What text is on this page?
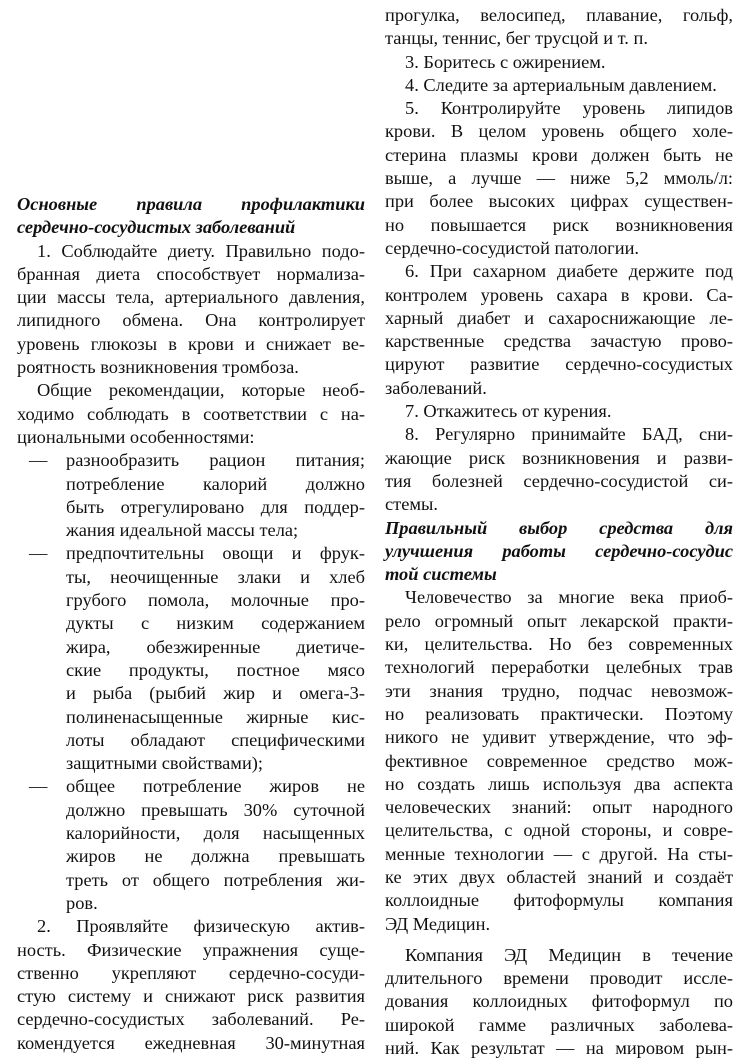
Основные правила профилактики
сердечно-сосудистых заболеваний
1. Соблюдайте диету. Правильно подо-
бранная диета способствует нормализа-
ции массы тела, артериального давления,
липидного обмена. Она контролирует
уровень глюкозы в крови и снижает ве-
роятность возникновения тромбоза.
Общие рекомендации, которые необ-
ходимо соблюдать в соответствии с на-
циональными особенностями:
—	разнообразить рацион питания;
потребление калорий должно
быть отрегулировано для поддер-
жания идеальной массы тела;
—	предпочтительны овощи и фрук-
ты, неочищенные злаки и хлеб
грубого помола, молочные про-
дукты с низким содержанием
жира, обезжиренные диетиче-
ские продукты, постное мясо
и рыба (рыбий жир и омега-3-
полиненасыщенные жирные кис-
лоты обладают специфическими
защитными свойствами);
—	общее потребление жиров не
должно превышать 30% суточной
калорийности, доля насыщенных
жиров не должна превышать
треть от общего потребления жи-
ров.
2. Проявляйте физическую актив-
ность. Физические упражнения суще-
ственно укрепляют сердечно-сосуди-
стую систему и снижают риск развития
сердечно-сосудистых заболеваний. Ре-
комендуется ежедневная 30-минутная
прогулка, велосипед, плавание, гольф,
танцы, теннис, бег трусцой и т. п.
3. Боритесь с ожирением.
4. Следите за артериальным давлением.
5. Контролируйте уровень липидов
крови. В целом уровень общего холе-
стерина плазмы крови должен быть не
выше, а лучше — ниже 5,2 ммоль/л:
при более высоких цифрах существен-
но повышается риск возникновения
сердечно-сосудистой патологии.
6. При сахарном диабете держите под
контролем уровень сахара в крови. Са-
харный диабет и сахароснижающие ле-
карственные средства зачастую прово-
цируют развитие сердечно-сосудистых
заболеваний.
7. Откажитесь от курения.
8. Регулярно принимайте БАД, сни-
жающие риск возникновения и разви-
тия болезней сердечно-сосудистой си-
стемы.
Правильный выбор средства для
улучшения работы сердечно-сосудис
той системы
Человечество за многие века приоб-
рело огромный опыт лекарской практи-
ки, целительства. Но без современных
технологий переработки целебных трав
эти знания трудно, подчас невозмож-
но реализовать практически. Поэтому
никого не удивит утверждение, что эф-
фективное современное средство мож-
но создать лишь используя два аспекта
человеческих знаний: опыт народного
целительства, с одной стороны, и совре-
менные технологии — с другой. На сты-
ке этих двух областей знаний и создаёт
коллоидные фитоформулы компания
ЭД Медицин.
Компания ЭД Медицин в течение
длительного времени проводит иссле-
дования коллоидных фитоформул по
широкой гамме различных заболева-
ний. Как результат — на мировом рын-
